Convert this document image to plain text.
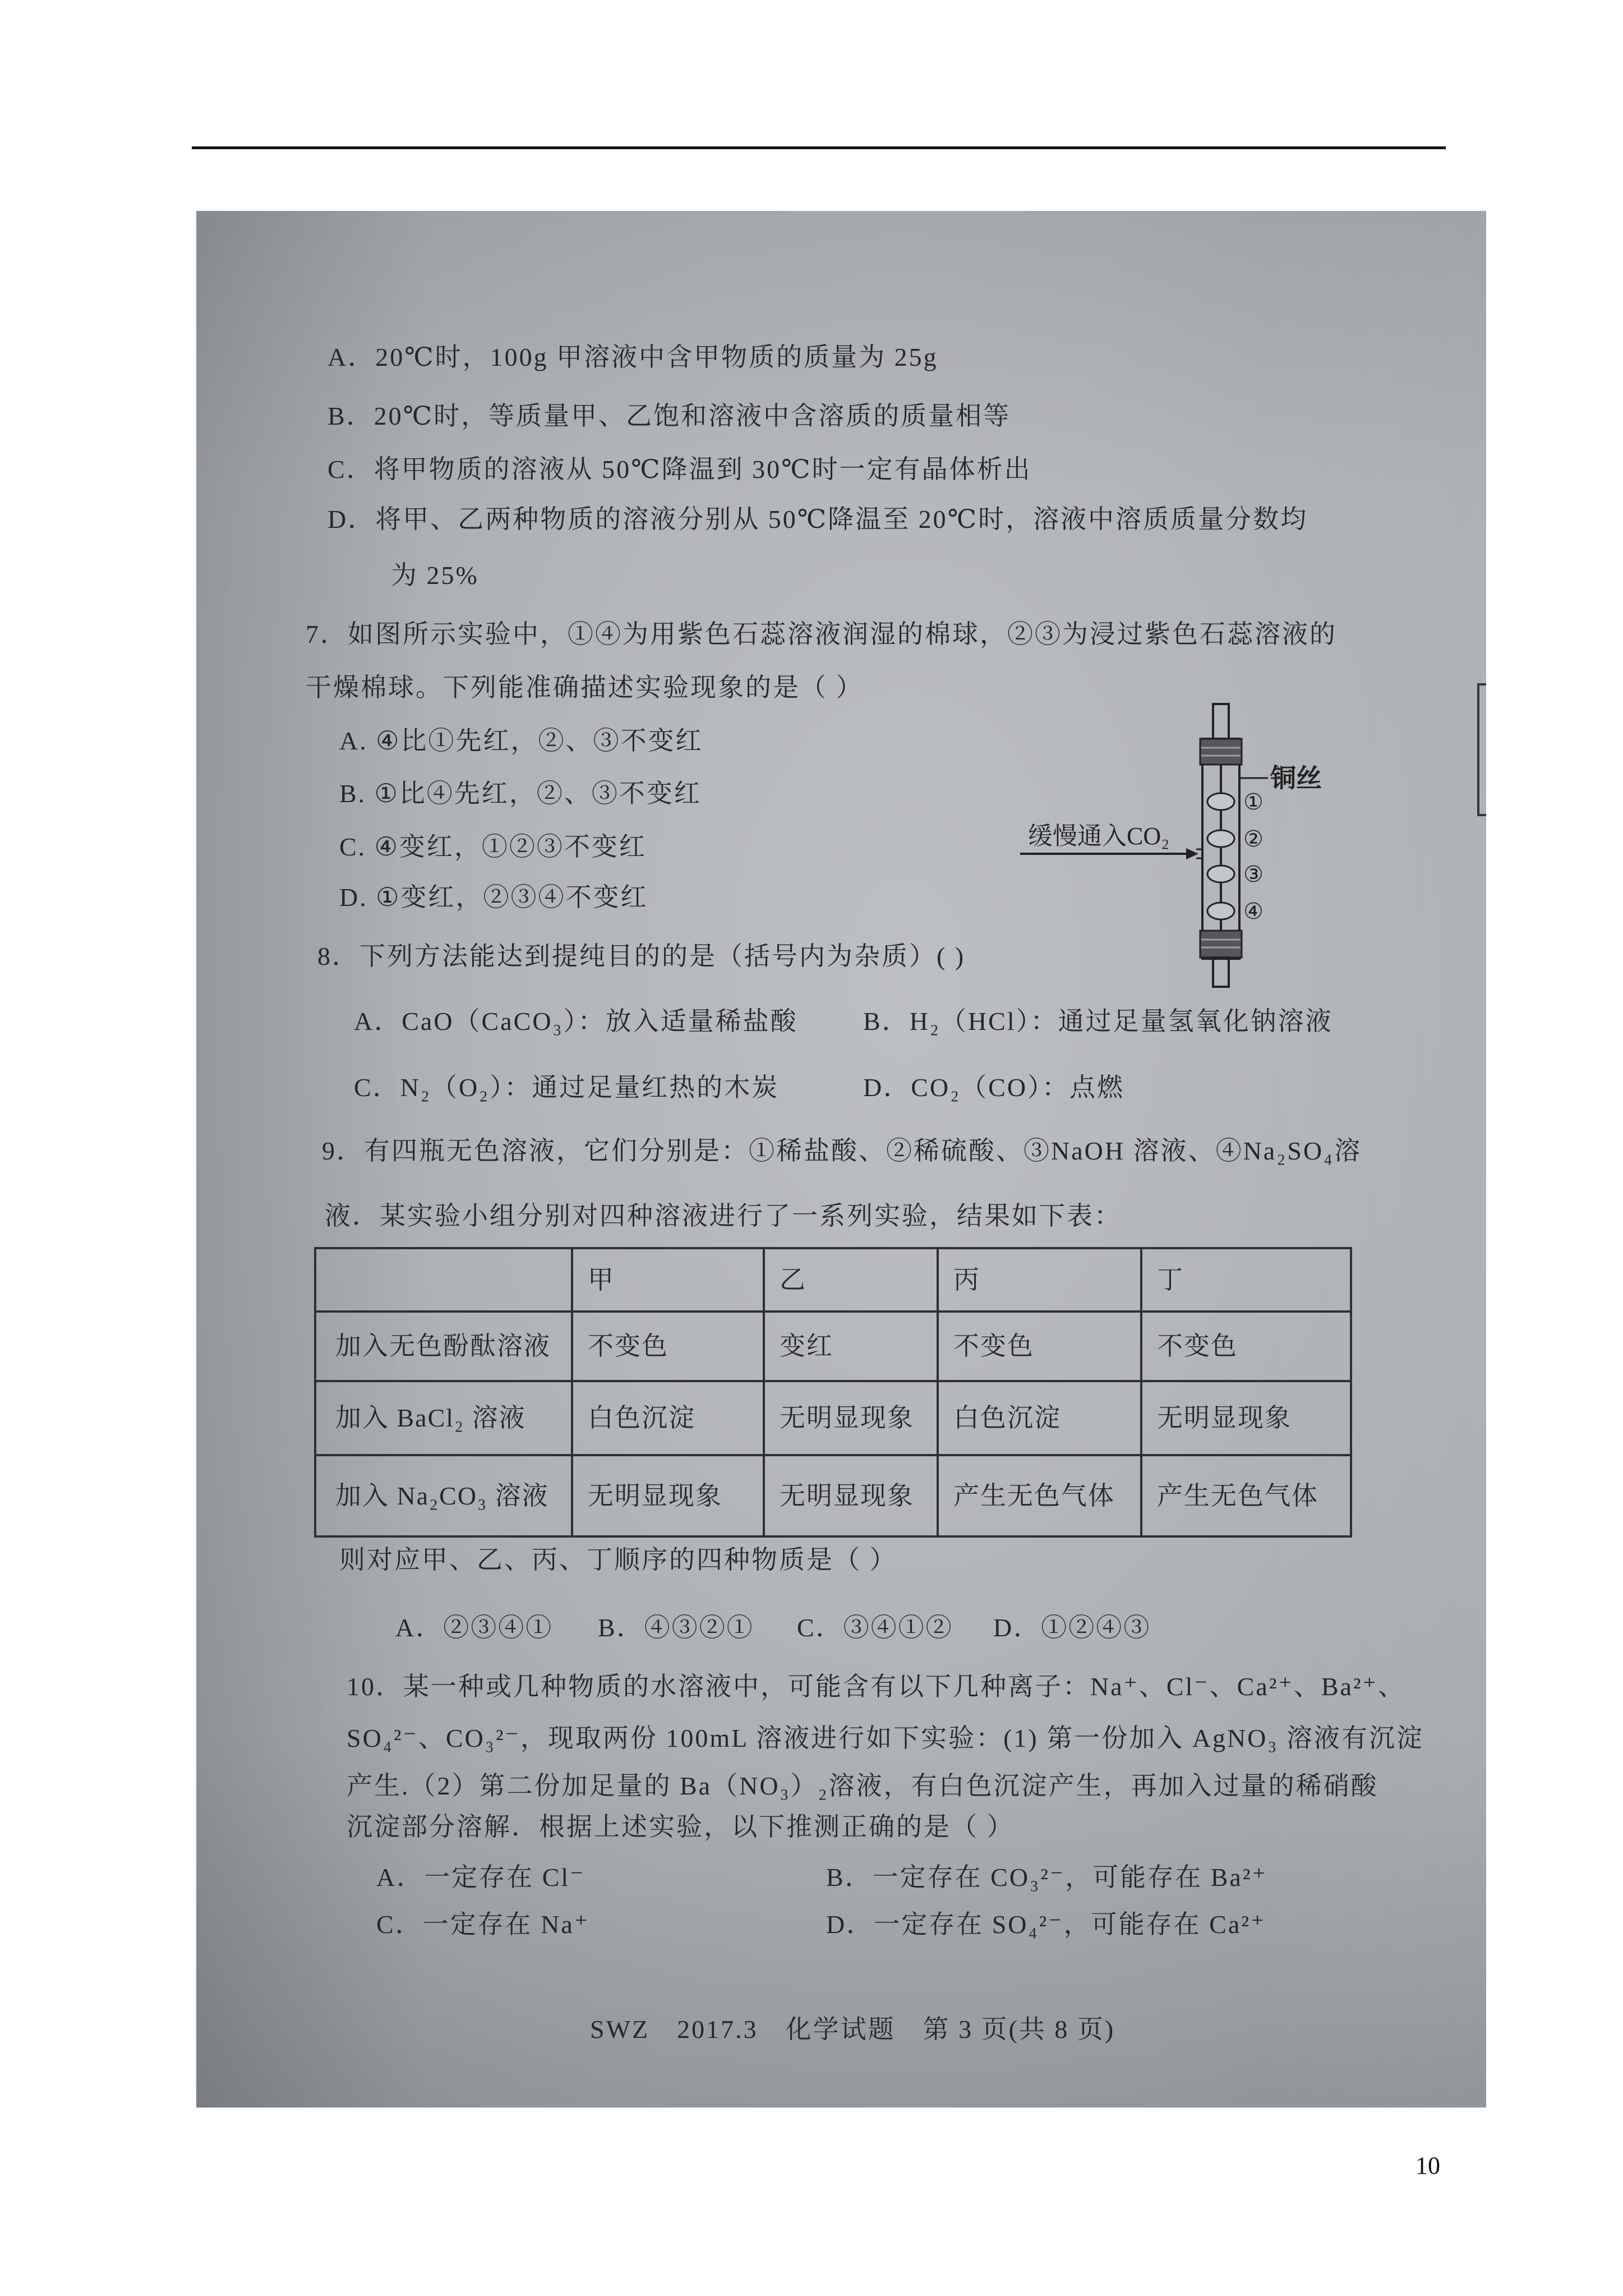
A．20℃时，100g 甲溶液中含甲物质的质量为 25g
B．20℃时，等质量甲、乙饱和溶液中含溶质的质量相等
C．将甲物质的溶液从 50℃降温到 30℃时一定有晶体析出
D．将甲、乙两种物质的溶液分别从 50℃降温至 20℃时，溶液中溶质质量分数均
为 25%
7．如图所示实验中，①④为用紫色石蕊溶液润湿的棉球，②③为浸过紫色石蕊溶液的
干燥棉球。下列能准确描述实验现象的是（ ）
A. ④比①先红，②、③不变红
B. ①比④先红，②、③不变红
C. ④变红，①②③不变红
D. ①变红，②③④不变红
缓慢通入CO₂
①
②
③
④
铜丝
8．下列方法能达到提纯目的的是（括号内为杂质）( )
A．CaO（CaCO₃）：放入适量稀盐酸	B．H₂（HCl）：通过足量氢氧化钠溶液
C．N₂（O₂）：通过足量红热的木炭	D．CO₂（CO）：点燃
9．有四瓶无色溶液，它们分别是：①稀盐酸、②稀硫酸、③NaOH 溶液、④Na₂SO₄溶
液．某实验小组分别对四种溶液进行了一系列实验，结果如下表：
	甲	乙	丙	丁
加入无色酚酞溶液	不变色	变红	不变色	不变色
加入 BaCl₂ 溶液	白色沉淀	无明显现象	白色沉淀	无明显现象
加入 Na₂CO₃ 溶液	无明显现象	无明显现象	产生无色气体	产生无色气体
则对应甲、乙、丙、丁顺序的四种物质是（ ）
A．②③④① B．④③②① C．③④①② D．①②④③
10．某一种或几种物质的水溶液中，可能含有以下几种离子：Na⁺、Cl⁻、Ca²⁺、Ba²⁺、
SO₄²⁻、CO₃²⁻，现取两份 100mL 溶液进行如下实验：(1) 第一份加入 AgNO₃ 溶液有沉淀
产生.（2）第二份加足量的 Ba（NO₃）₂溶液，有白色沉淀产生，再加入过量的稀硝酸
沉淀部分溶解．根据上述实验，以下推测正确的是（ ）
A．一定存在 Cl⁻	B．一定存在 CO₃²⁻，可能存在 Ba²⁺
C．一定存在 Na⁺	D．一定存在 SO₄²⁻，可能存在 Ca²⁺
SWZ　2017.3　化学试题　第 3 页(共 8 页)
10
